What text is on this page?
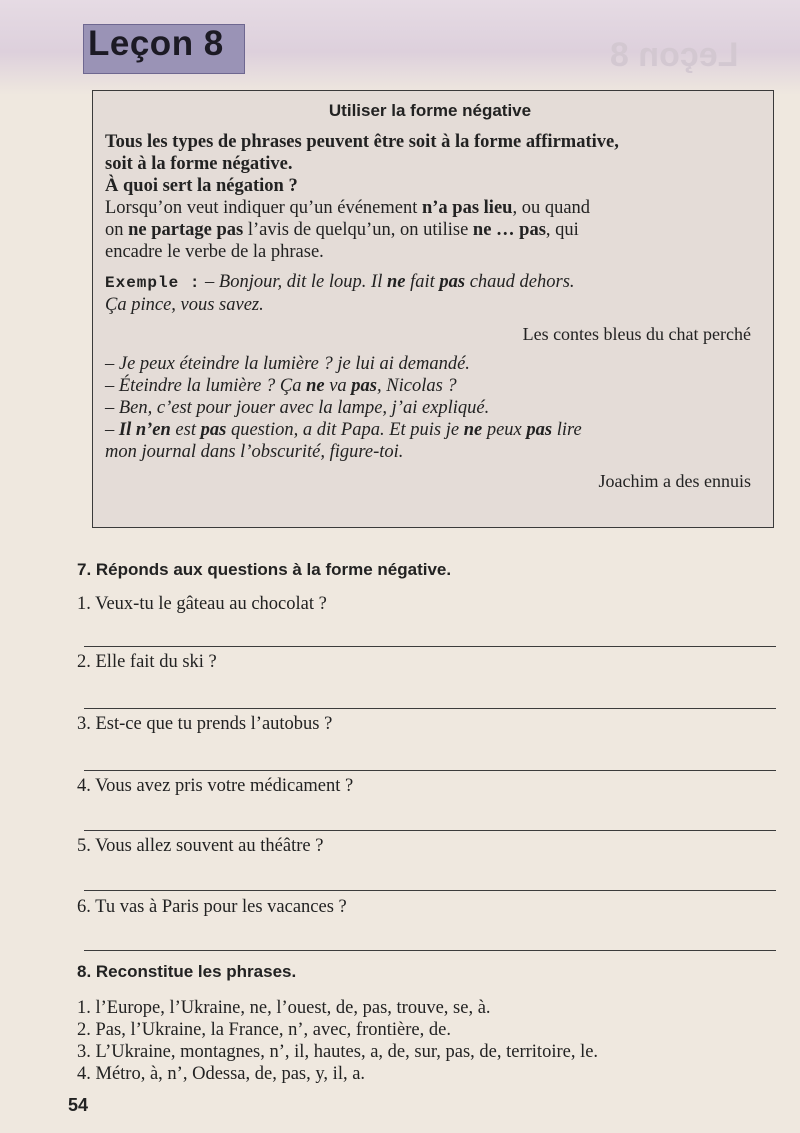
Leçon 8
Leçon 8
Utiliser la forme négative

Tous les types de phrases peuvent être soit à la forme affirmative,

soit à la forme négative.

À quoi sert la négation ?

Lorsqu’on veut indiquer qu’un événement n’a pas lieu, ou quand

on ne partage pas l’avis de quelqu’un, on utilise ne … pas, qui

encadre le verbe de la phrase.

Exemple : – Bonjour, dit le loup. Il ne fait pas chaud dehors.

Ça pince, vous savez.

Les contes bleus du chat perché

– Je peux éteindre la lumière ? je lui ai demandé.

– Éteindre la lumière ? Ça ne va pas, Nicolas ?

– Ben, c’est pour jouer avec la lampe, j’ai expliqué.

– Il n’en est pas question, a dit Papa. Et puis je ne peux pas lire

mon journal dans l’obscurité, figure-toi.

Joachim a des ennuis

7. Réponds aux questions à la forme négative.
1. Veux-tu le gâteau au chocolat ?
2. Elle fait du ski ?
3. Est-ce que tu prends l’autobus ?
4. Vous avez pris votre médicament ?
5. Vous allez souvent au théâtre ?
6. Tu vas à Paris pour les vacances ?
8. Reconstitue les phrases.
1. l’Europe, l’Ukraine, ne, l’ouest, de, pas, trouve, se, à.
2. Pas, l’Ukraine, la France, n’, avec, frontière, de.
3. L’Ukraine, montagnes, n’, il, hautes, a, de, sur, pas, de, territoire, le.
4. Métro, à, n’, Odessa, de, pas, y, il, a.
54
